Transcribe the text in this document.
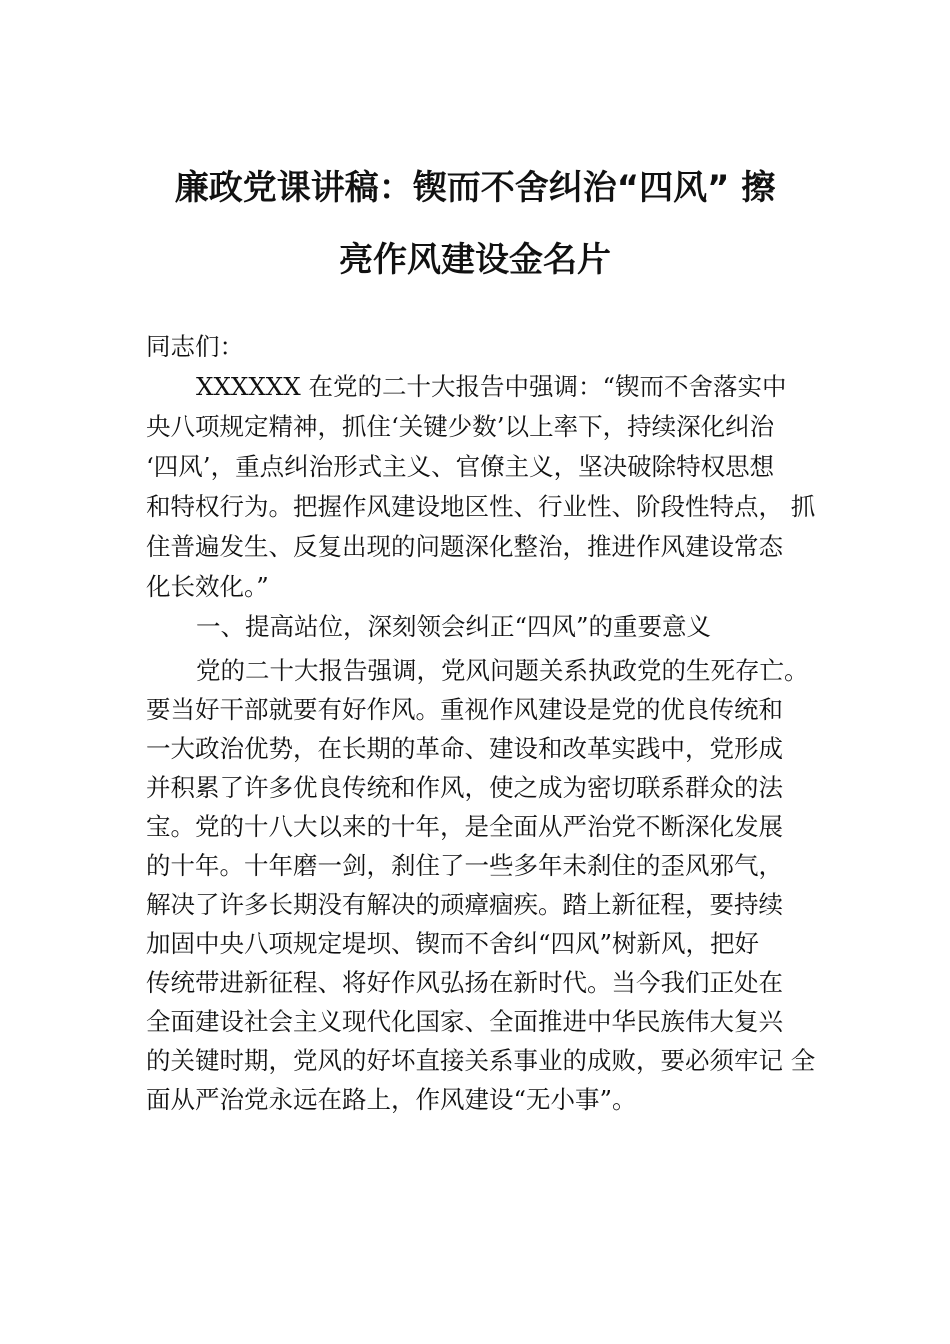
廉政党课讲稿：锲而不舍纠治“四风” 擦
亮作风建设金名片
同志们：
XXXXXX 在党的二十大报告中强调：“锲而不舍落实中
央八项规定精神，抓住‘关键少数’以上率下，持续深化纠治
‘四风’，重点纠治形式主义、官僚主义，坚决破除特权思想
和特权行为。把握作风建设地区性、行业性、阶段性特点， 抓
住普遍发生、反复出现的问题深化整治，推进作风建设常态
化长效化。”
一、提高站位，深刻领会纠正“四风”的重要意义
党的二十大报告强调，党风问题关系执政党的生死存亡。
要当好干部就要有好作风。重视作风建设是党的优良传统和
一大政治优势，在长期的革命、建设和改革实践中，党形成
并积累了许多优良传统和作风，使之成为密切联系群众的法
宝。党的十八大以来的十年，是全面从严治党不断深化发展
的十年。十年磨一剑，刹住了一些多年未刹住的歪风邪气，
解决了许多长期没有解决的顽瘴痼疾。踏上新征程，要持续
加固中央八项规定堤坝、锲而不舍纠“四风”树新风，把好
传统带进新征程、将好作风弘扬在新时代。当今我们正处在
全面建设社会主义现代化国家、全面推进中华民族伟大复兴
的关键时期，党风的好坏直接关系事业的成败，要必须牢记 全
面从严治党永远在路上，作风建设“无小事”。
